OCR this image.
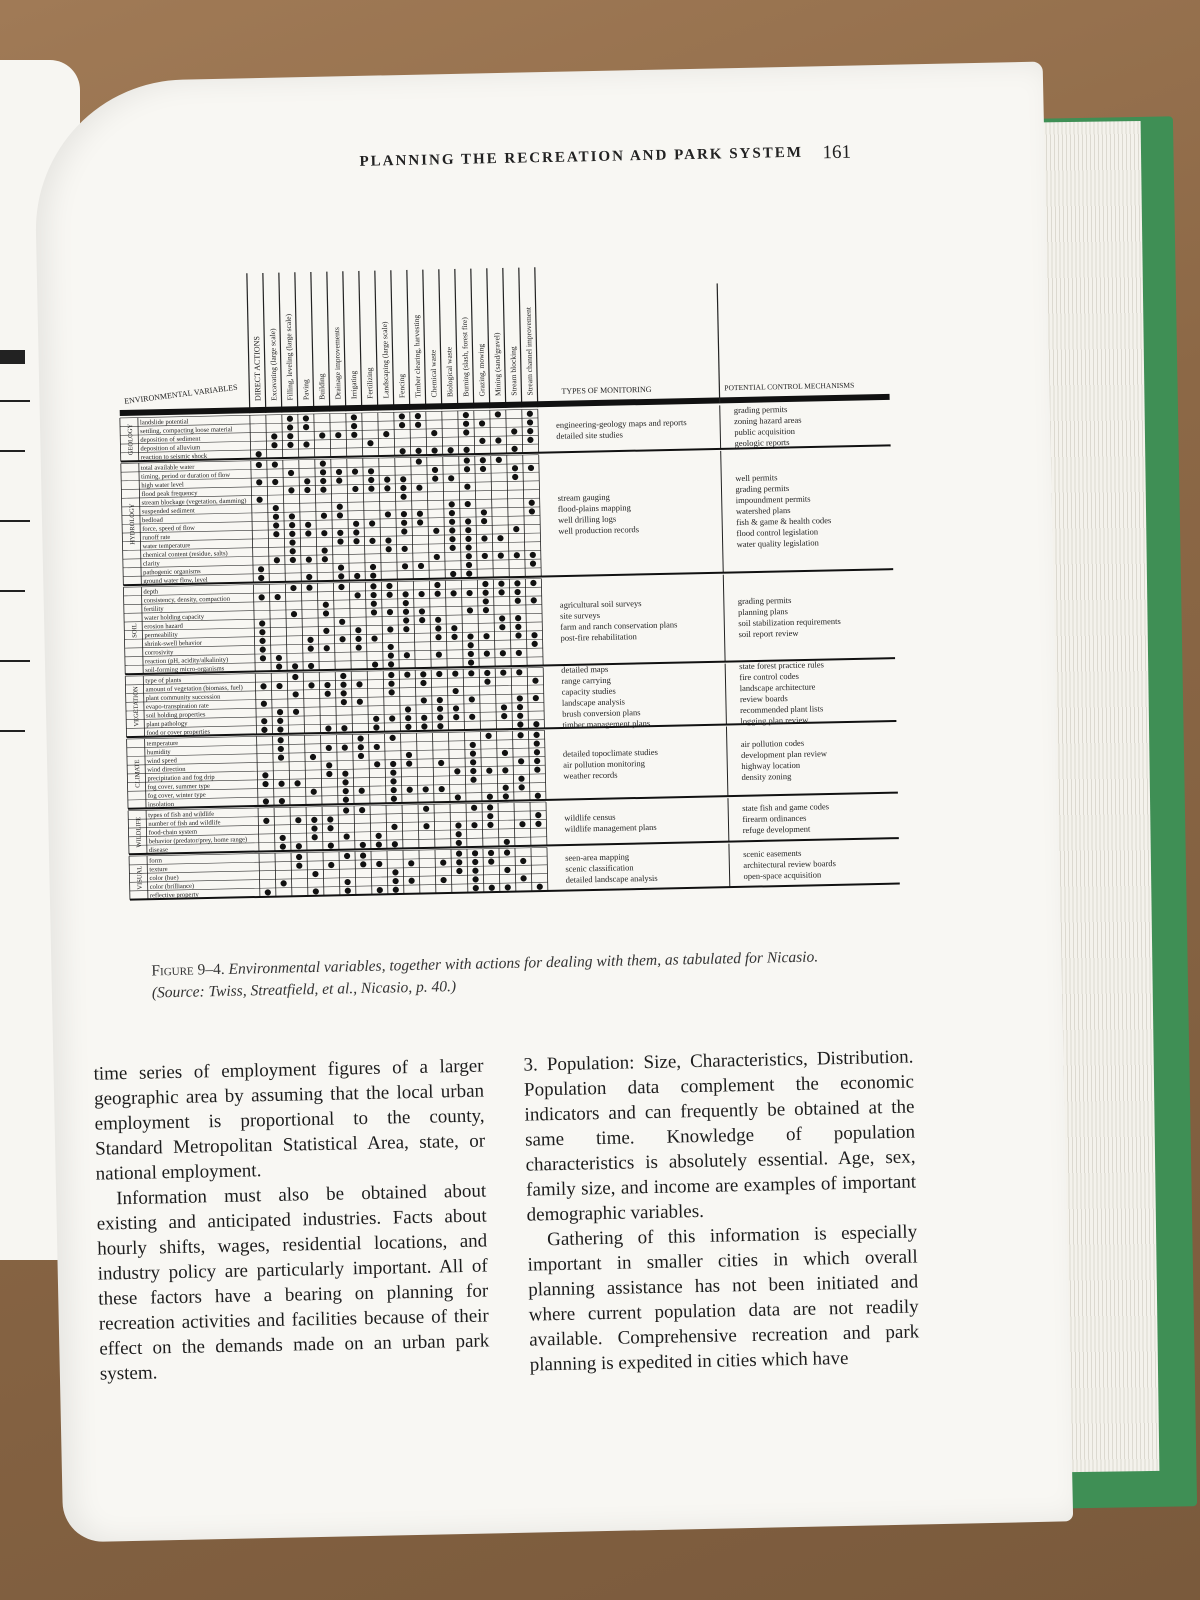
PLANNING THE RECREATION AND PARK SYSTEM 161
ENVIRONMENTAL VARIABLES DIRECT ACTIONS	TYPES OF MONITORING	POTENTIAL CONTROL MECHANISMS
Excavating (large scale) Filling, leveling (large scale) Paving Building Drainage improvements Irrigating Fertilizing Landscaping (large scale) Fencing Timber clearing, harvesting Chemical waste Biological waste Burning (slash, forest fire) Grazing, mowing Mining (sand/gravel) Stream blocking Stream channel improvement
landslide potential
settling, compacting loose material
deposition of sediment
deposition of alluvium
reaction to seismic shock
GEOLOGY
total available water
timing, period or duration of flow
high water level
flood peak frequency
stream blockage (vegetation, damming)
suspended sediment
bedload
force, speed of flow
runoff rate
water temperature
chemical content (residue, salts)
clarity
pathogenic organisms
ground water flow, level
HYDROLOGY
depth
consistency, density, compaction
fertility
water holding capacity
erosion hazard
permeability
shrink-swell behavior
corrosivity
reaction (pH, acidity/alkalinity)
soil-forming micro-organisms
SOIL
type of plants
amount of vegetation (biomass, fuel)
plant community succession
evapo-transpiration rate
soil holding properties
plant pathology
food or cover properties
VEGETATION
temperature
humidity
wind speed
wind direction
precipitation and fog drip
fog cover, summer type
fog cover, winter type
insolation
CLIMATE
types of fish and wildlife
number of fish and wildlife
food-chain system
behavior (predator/prey, home range)
disease
WILDLIFE
form
texture
color (hue)
color (brilliance)
reflective property
VISUAL
engineering-geology maps and reports
detailed site studies
grading permits
zoning hazard areas
public acquisition
geologic reports
stream gauging
flood-plains mapping
well drilling logs
well production records
well permits
grading permits
impoundment permits
watershed plans
fish & game & health codes
flood control legislation
water quality legislation
agricultural soil surveys
site surveys
farm and ranch conservation plans
post-fire rehabilitation
grading permits
planning plans
soil stabilization requirements
soil report review
detailed maps
range carrying
capacity studies
landscape analysis
brush conversion plans
timber management plans
state forest practice rules
fire control codes
landscape architecture
review boards
recommended plant lists
logging plan review
detailed topoclimate studies
air pollution monitoring
weather records
air pollution codes
development plan review
highway location
density zoning
wildlife census
wildlife management plans
state fish and game codes
firearm ordinances
refuge development
seen-area mapping
scenic classification
detailed landscape analysis
scenic easements
architectural review boards
open-space acquisition
Figure 9–4. Environmental variables, together with actions for dealing with them, as tabulated for Nicasio. (Source: Twiss, Streatfield, et al., Nicasio, p. 40.)

time series of employment figures of a larger geographic area by assuming that the local urban employment is proportional to the county, Standard Metropolitan Statistical Area, state, or national employment.

Information must also be obtained about existing and anticipated industries. Facts about hourly shifts, wages, residential locations, and industry policy are particularly important. All of these factors have a bearing on planning for recreation activities and facilities because of their effect on the demands made on an urban park system.

3. Population: Size, Characteristics, Distribution. Population data complement the economic indicators and can frequently be obtained at the same time. Knowledge of population characteristics is absolutely essential. Age, sex, family size, and income are examples of important demographic variables.

Gathering of this information is especially important in smaller cities in which overall planning assistance has not been initiated and where current population data are not readily available. Comprehensive recreation and park planning is expedited in cities which have
